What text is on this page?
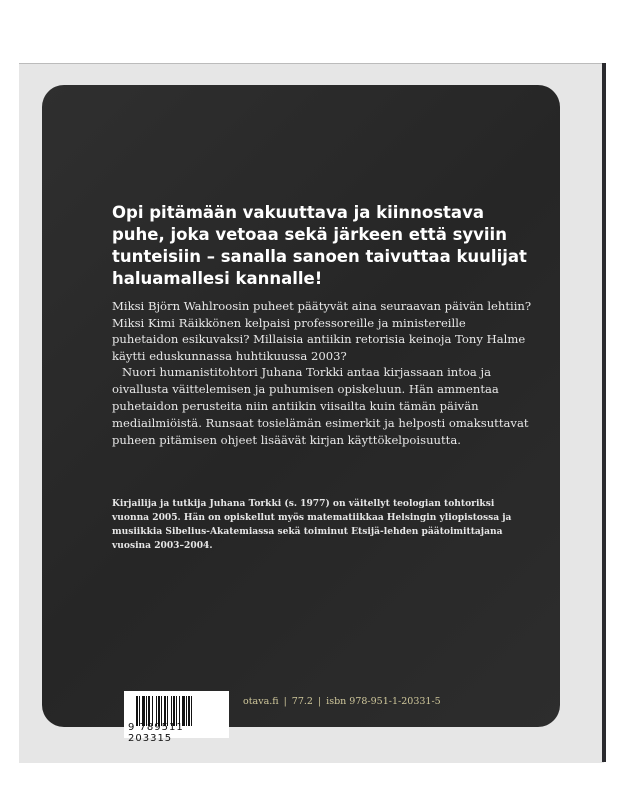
Opi pitämään vakuuttava ja kiinnostava puhe, joka vetoaa sekä järkeen että syviin tunteisiin – sanalla sanoen taivuttaa kuulijat haluamallesi kannalle!

Miksi Björn Wahlroosin puheet päätyvät aina seuraavan päivän lehtiin? Miksi Kimi Räikkönen kelpaisi professoreille ja ministereille puhetaidon esikuvaksi? Millaisia antiikin retorisia keinoja Tony Halme käytti eduskunnassa huhtikuussa 2003?

Nuori humanistitohtori Juhana Torkki antaa kirjassaan intoa ja oivallusta väittelemisen ja puhumisen opiskeluun. Hän ammentaa puhetaidon perusteita niin antiikin viisailta kuin tämän päivän mediailmiöistä. Runsaat tosielämän esimerkit ja helposti omaksuttavat puheen pitämisen ohjeet lisäävät kirjan käyttökelpoisuutta.

Kirjailija ja tutkija Juhana Torkki (s. 1977) on väitellyt teologian tohtoriksi vuonna 2005. Hän on opiskellut myös matematiikkaa Helsingin yliopistossa ja musiikkia Sibelius-Akatemiassa sekä toiminut Etsijä-lehden päätoimittajana vuosina 2003–2004.

9 789511 203315
otava.fi | 77.2 | isbn 978-951-1-20331-5
